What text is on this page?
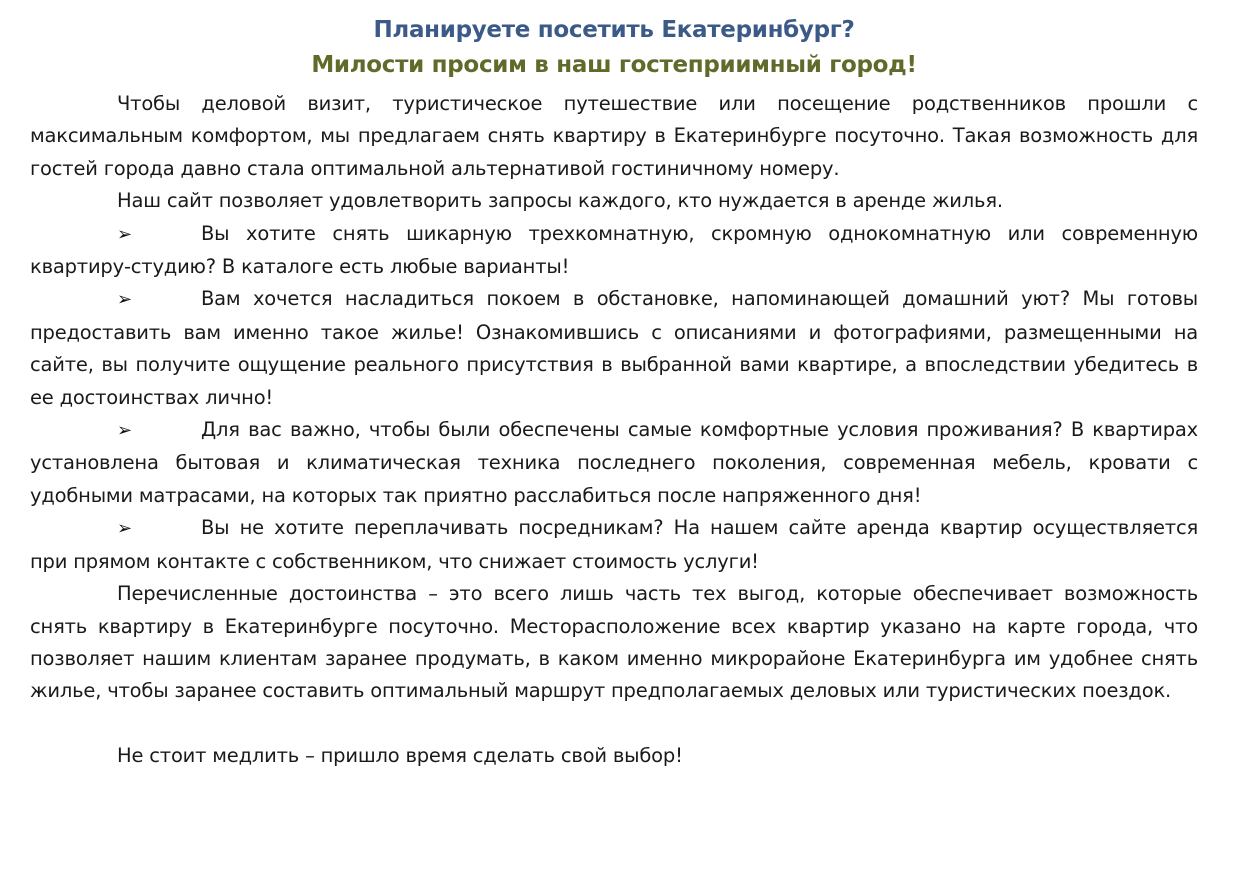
Планируете посетить Екатеринбург?
Милости просим в наш гостеприимный город!

Чтобы деловой визит, туристическое путешествие или посещение родственников прошли с максимальным комфортом, мы предлагаем снять квартиру в Екатеринбурге посуточно. Такая возможность для гостей города давно стала оптимальной альтернативой гостиничному номеру.

Наш сайт позволяет удовлетворить запросы каждого, кто нуждается в аренде жилья.

➢	Вы хотите снять шикарную трехкомнатную, скромную однокомнатную или современную квартиру-студию? В каталоге есть любые варианты!

➢	Вам хочется насладиться покоем в обстановке, напоминающей домашний уют? Мы готовы предоставить вам именно такое жилье! Ознакомившись с описаниями и фотографиями, размещенными на сайте, вы получите ощущение реального присутствия в выбранной вами квартире, а впоследствии убедитесь в ее достоинствах лично!

➢	Для вас важно, чтобы были обеспечены самые комфортные условия проживания? В квартирах установлена бытовая и климатическая техника последнего поколения, современная мебель, кровати с удобными матрасами, на которых так приятно расслабиться после напряженного дня!

➢	Вы не хотите переплачивать посредникам? На нашем сайте аренда квартир осуществляется при прямом контакте с собственником, что снижает стоимость услуги!

Перечисленные достоинства – это всего лишь часть тех выгод, которые обеспечивает возможность снять квартиру в Екатеринбурге посуточно. Месторасположение всех квартир указано на карте города, что позволяет нашим клиентам заранее продумать, в каком именно микрорайоне Екатеринбурга им удобнее снять жилье, чтобы заранее составить оптимальный маршрут предполагаемых деловых или туристических поездок.

Не стоит медлить – пришло время сделать свой выбор!
